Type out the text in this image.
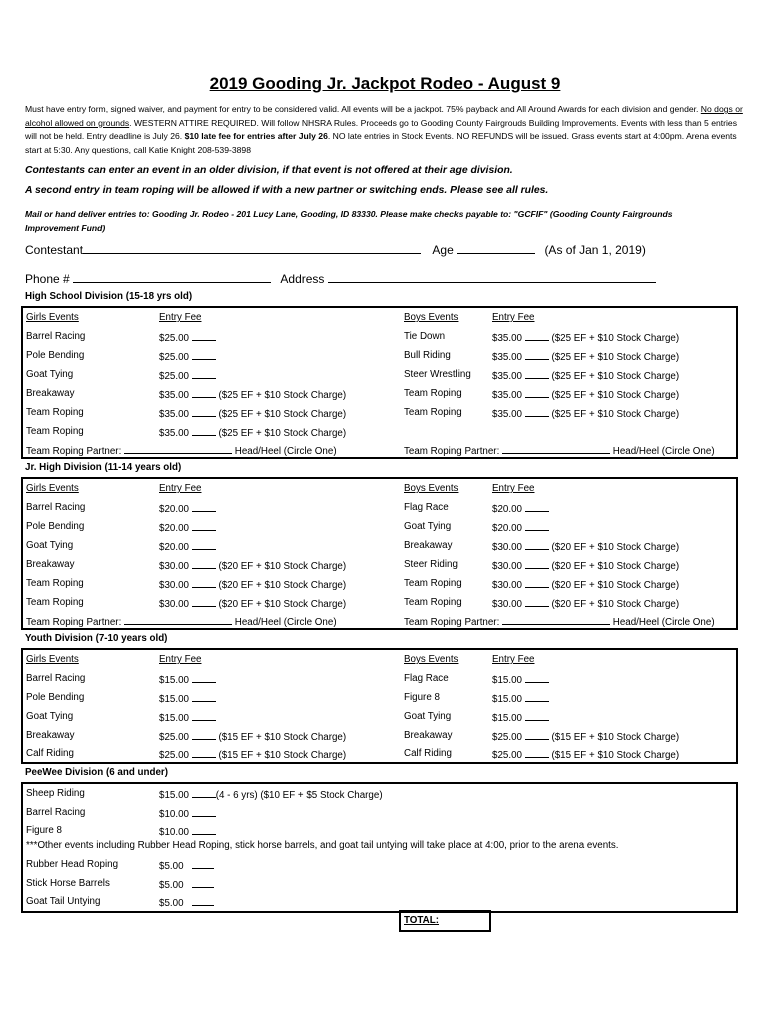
2019 Gooding Jr. Jackpot Rodeo - August 9

Must have entry form, signed waiver, and payment for entry to be considered valid. All events will be a jackpot. 75% payback and All Around Awards for each division and gender. No dogs or alcohol allowed on grounds. WESTERN ATTIRE REQUIRED. Will follow NHSRA Rules. Proceeds go to Gooding County Fairgrouds Building Improvements. Events with less than 5 entries will not be held. Entry deadline is July 26. $10 late fee for entries after July 26. NO late entries in Stock Events. NO REFUNDS will be issued. Grass events start at 4:00pm. Arena events start at 5:30. Any questions, call Katie Knight 208-539-3898

Contestants can enter an event in an older division, if that event is not offered at their age division.

A second entry in team roping will be allowed if with a new partner or switching ends. Please see all rules.

Mail or hand deliver entries to: Gooding Jr. Rodeo - 201 Lucy Lane, Gooding, ID 83330. Please make checks payable to: "GCFIF" (Gooding County Fairgrounds Improvement Fund)

Contestant	Age	(As of Jan 1, 2019)
Phone #	Address
High School Division (15-18 yrs old)
Girls Events	Entry Fee	Boys Events	Entry Fee
Barrel Racing	$25.00	Tie Down	$35.00	($25 EF + $10 Stock Charge)
Pole Bending	$25.00	Bull Riding	$35.00	($25 EF + $10 Stock Charge)
Goat Tying	$25.00	Steer Wrestling $35.00	($25 EF + $10 Stock Charge)
Breakaway	$35.00	($25 EF + $10 Stock Charge)	Team Roping	$35.00	($25 EF + $10 Stock Charge)
Team Roping	$35.00	($25 EF + $10 Stock Charge)	Team Roping	$35.00	($25 EF + $10 Stock Charge)
Team Roping	$35.00	($25 EF + $10 Stock Charge)
Team Roping Partner:	Head/Heel (Circle One)	Team Roping Partner:	Head/Heel (Circle One)
Jr. High Division (11-14 years old)
Girls Events	Entry Fee	Boys Events	Entry Fee
Barrel Racing	$20.00	Flag Race	$20.00
Pole Bending	$20.00	Goat Tying	$20.00
Goat Tying	$20.00	Breakaway	$30.00	($20 EF + $10 Stock Charge)
Breakaway	$30.00	($20 EF + $10 Stock Charge)	Steer Riding	$30.00	($20 EF + $10 Stock Charge)
Team Roping	$30.00	($20 EF + $10 Stock Charge)	Team Roping	$30.00	($20 EF + $10 Stock Charge)
Team Roping	$30.00	($20 EF + $10 Stock Charge)	Team Roping	$30.00	($20 EF + $10 Stock Charge)
Team Roping Partner:	Head/Heel (Circle One)	Team Roping Partner:	Head/Heel (Circle One)
Youth Division (7-10 years old)
Girls Events	Entry Fee	Boys Events	Entry Fee
Barrel Racing	$15.00	Flag Race	$15.00
Pole Bending	$15.00	Figure 8	$15.00
Goat Tying	$15.00	Goat Tying	$15.00
Breakaway	$25.00	($15 EF + $10 Stock Charge)	Breakaway	$25.00	($15 EF + $10 Stock Charge)
Calf Riding	$25.00	($15 EF + $10 Stock Charge)	Calf Riding	$25.00	($15 EF + $10 Stock Charge)
PeeWee Division (6 and under)
Sheep Riding	$15.00	(4 - 6 yrs) ($10 EF + $5 Stock Charge)
Barrel Racing	$10.00
Figure 8	$10.00
***Other events including Rubber Head Roping, stick horse barrels, and goat tail untying will take place at 4:00, prior to the arena events.
Rubber Head Roping	$5.00
Stick Horse Barrels	$5.00
Goat Tail Untying	$5.00
TOTAL:
